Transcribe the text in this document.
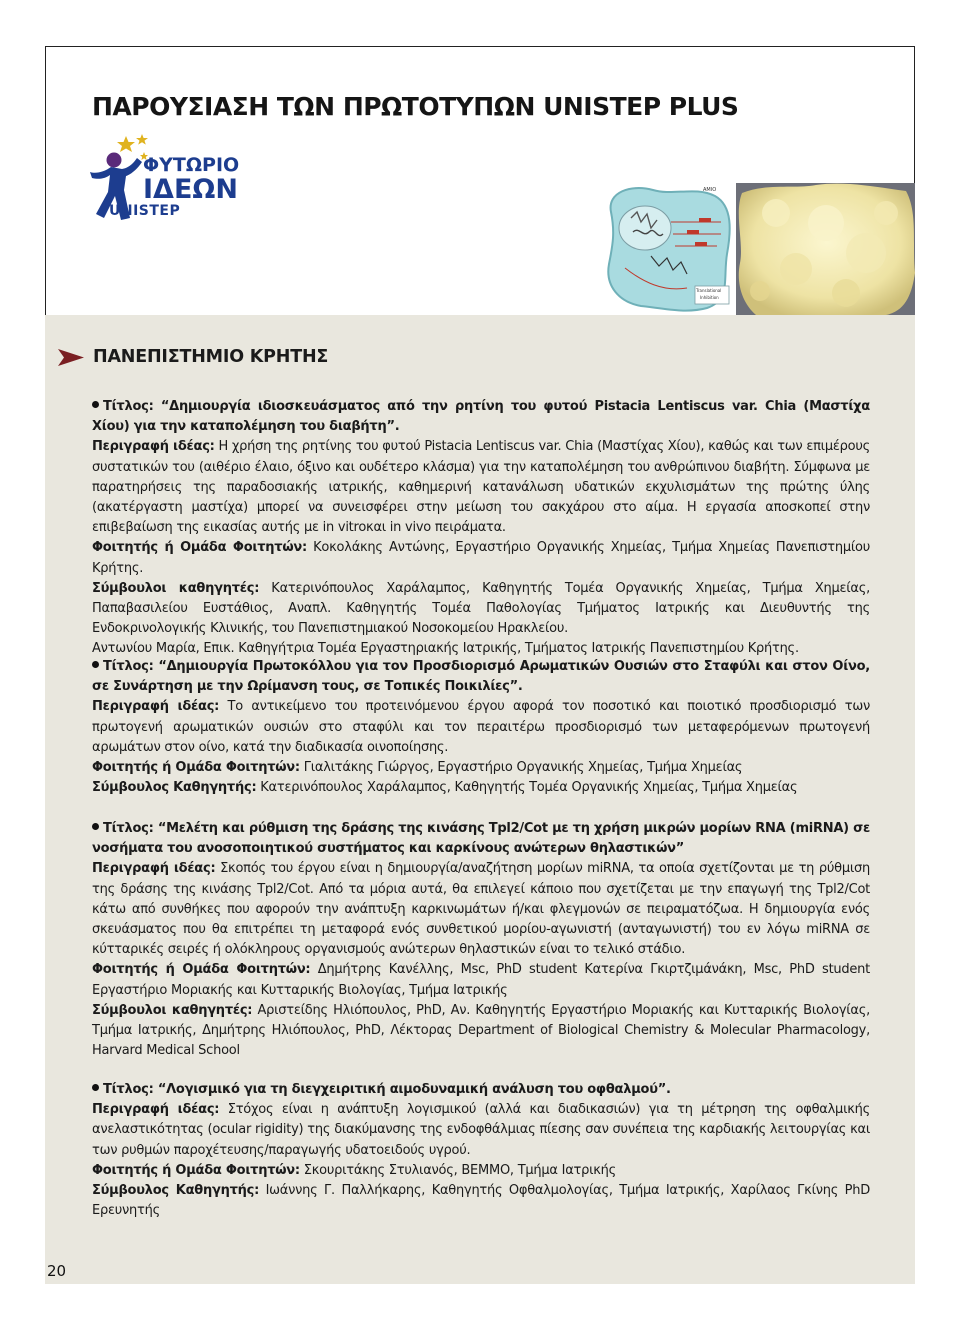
ΠΑΡΟΥΣΙΑΣΗ ΤΩΝ ΠΡΩΤΟΤΥΠΩΝ UNISTEP PLUS
ΦΥΤΩΡΙΟ
ΙΔΕΩΝ
UNISTEP
AMIO
Translational
Inhibition
ΠΑΝΕΠΙΣΤΗΜΙΟ ΚΡΗΤΗΣ

Τίτλος: “Δημιουργία ιδιοσκευάσματος από την ρητίνη του φυτού Pistacia Lentiscus var. Chia (Μαστίχα Χίου) για την καταπολέμηση του διαβήτη”.

Περιγραφή ιδέας: Η χρήση της ρητίνης του φυτού Pistacia Lentiscus var. Chia (Μαστίχας Χίου), καθώς και των επιμέρους συστατικών του (αιθέριο έλαιο, όξινο και ουδέτερο κλάσμα) για την καταπολέμηση του ανθρώπινου διαβήτη. Σύμφωνα με παρατηρήσεις της παραδοσιακής ιατρικής, καθημερινή κατανάλωση υδατικών εκχυλισμάτων της πρώτης ύλης (ακατέργαστη μαστίχα) μπορεί να συνεισφέρει στην μείωση του σακχάρου στο αίμα. Η εργασία αποσκοπεί στην επιβεβαίωση της εικασίας αυτής με in vitroκαι in vivo πειράματα.

Φοιτητής ή Ομάδα Φοιτητών: Κοκολάκης Αντώνης, Εργαστήριο Οργανικής Χημείας, Τμήμα Χημείας Πανεπιστημίου Κρήτης.

Σύμβουλοι καθηγητές: Κατερινόπουλος Χαράλαμπος, Καθηγητής Τομέα Οργανικής Χημείας, Τμήμα Χημείας, Παπαβασιλείου Ευστάθιος, Αναπλ. Καθηγητής Τομέα Παθολογίας Τμήματος Ιατρικής και Διευθυντής της Ενδοκρινολογικής Κλινικής, του Πανεπιστημιακού Νοσοκομείου Ηρακλείου.

Αντωνίου Μαρία, Επικ. Καθηγήτρια Τομέα Εργαστηριακής Ιατρικής, Τμήματος Ιατρικής Πανεπιστημίου Κρήτης.

Τίτλος: “Δημιουργία Πρωτοκόλλου για τον Προσδιορισμό Αρωματικών Ουσιών στο Σταφύλι και στον Οίνο, σε Συνάρτηση με την Ωρίμανση τους, σε Τοπικές Ποικιλίες”.

Περιγραφή ιδέας: Το αντικείμενο του προτεινόμενου έργου αφορά τον ποσοτικό και ποιοτικό προσδιορισμό των πρωτογενή αρωματικών ουσιών στο σταφύλι και τον περαιτέρω προσδιορισμό των μεταφερόμενων πρωτογενή αρωμάτων στον οίνο, κατά την διαδικασία οινοποίησης.

Φοιτητής ή Ομάδα Φοιτητών: Γιαλιτάκης Γιώργος, Εργαστήριο Οργανικής Χημείας, Τμήμα Χημείας

Σύμβουλος Καθηγητής: Κατερινόπουλος Χαράλαμπος, Καθηγητής Τομέα Οργανικής Χημείας, Τμήμα Χημείας

Τίτλος: “Μελέτη και ρύθμιση της δράσης της κινάσης Tpl2/Cot με τη χρήση μικρών μορίων RNA (miRNA) σε νοσήματα του ανοσοποιητικού συστήματος και καρκίνους ανώτερων θηλαστικών”

Περιγραφή ιδέας: Σκοπός του έργου είναι η δημιουργία/αναζήτηση μορίων miRNA, τα οποία σχετίζονται με τη ρύθμιση της δράσης της κινάσης Tpl2/Cot. Από τα μόρια αυτά, θα επιλεγεί κάποιο που σχετίζεται με την επαγωγή της Tpl2/Cot κάτω από συνθήκες που αφορούν την ανάπτυξη καρκινωμάτων ή/και φλεγμονών σε πειραματόζωα. Η δημιουργία ενός σκευάσματος που θα επιτρέπει τη μεταφορά ενός συνθετικού μορίου-αγωνιστή (ανταγωνιστή) του εν λόγω miRNA σε κύτταρικές σειρές ή ολόκληρους οργανισμούς ανώτερων θηλαστικών είναι το τελικό στάδιο.

Φοιτητής ή Ομάδα Φοιτητών: Δημήτρης Κανέλλης, Msc, PhD student Κατερίνα Γκιρτζιμάνάκη, Msc, PhD student Εργαστήριο Μοριακής και Κυτταρικής Βιολογίας, Τμήμα Ιατρικής

Σύμβουλοι καθηγητές: Αριστείδης Ηλιόπουλος, PhD, Αν. Καθηγητής Εργαστήριο Μοριακής και Κυτταρικής Βιολογίας, Τμήμα Ιατρικής, Δημήτρης Ηλιόπουλος, PhD, Λέκτορας Department of Biological Chemistry & Molecular Pharmacology, Harvard Medical School

Τίτλος: “Λογισμικό για τη διεγχειριτική αιμοδυναμική ανάλυση του οφθαλμού”.

Περιγραφή ιδέας: Στόχος είναι η ανάπτυξη λογισμικού (αλλά και διαδικασιών) για τη μέτρηση της οφθαλμικής ανελαστικότητας (ocular rigidity) της διακύμανσης της ενδοφθάλμιας πίεσης σαν συνέπεια της καρδιακής λειτουργίας και των ρυθμών παροχέτευσης/παραγωγής υδατοειδούς υγρού.

Φοιτητής ή Ομάδα Φοιτητών: Σκουριτάκης Στυλιανός, ΒΕΜΜΟ, Τμήμα Ιατρικής

Σύμβουλος Καθηγητής: Ιωάννης Γ. Παλλήκαρης, Καθηγητής Οφθαλμολογίας, Τμήμα Ιατρικής, Χαρίλαος Γκίνης PhD Ερευνητής

20
